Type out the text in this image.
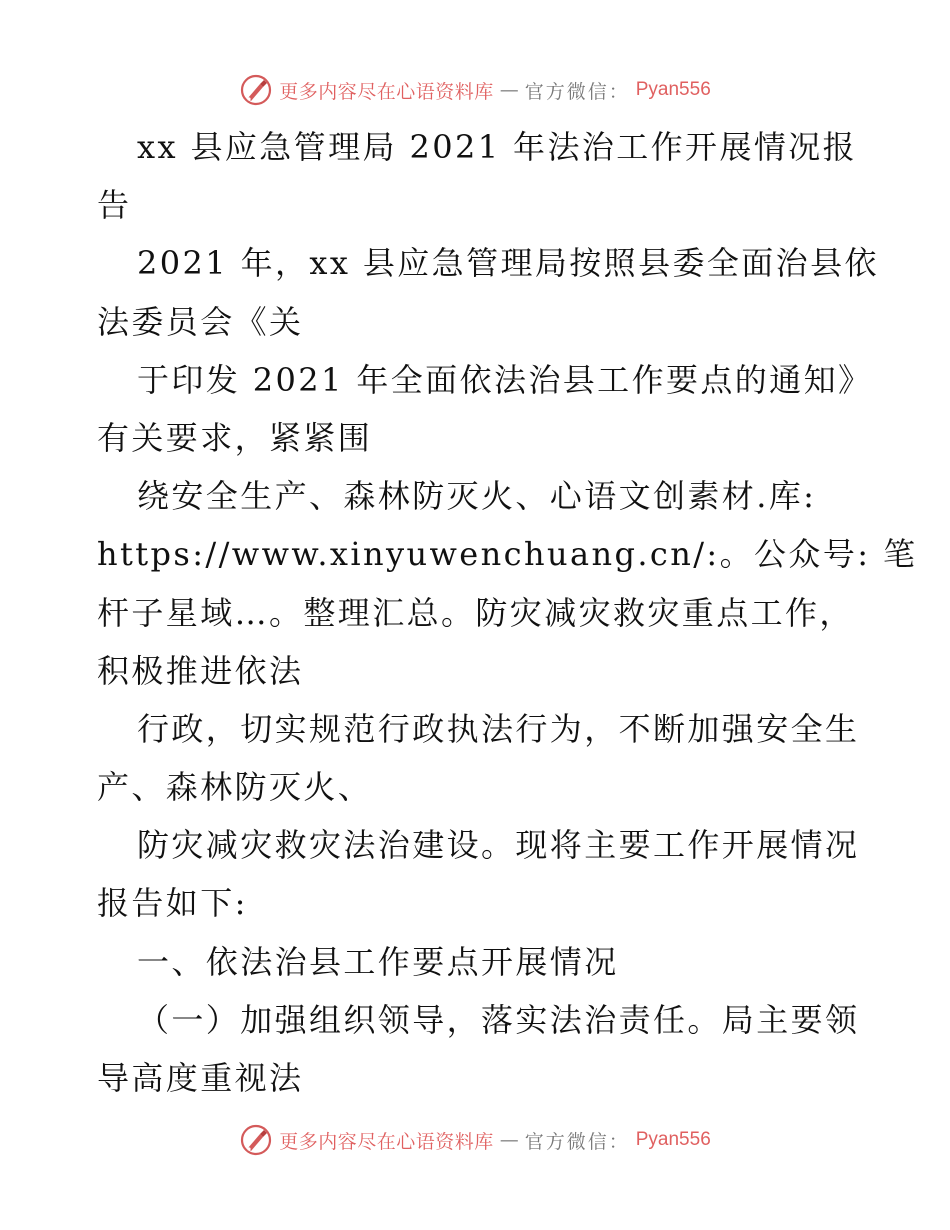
更多内容尽在心语资料库 — 官方微信： Pyan556
xx 县应急管理局 2021 年法治工作开展情况报
告
2021 年，xx 县应急管理局按照县委全面治县依
法委员会《关
于印发 2021 年全面依法治县工作要点的通知》
有关要求，紧紧围
绕安全生产、森林防灭火、心语文创素材.库:
https://www.xinyuwenchuang.cn/:。公众号: 笔
杆子星域…。整理汇总。防灾减灾救灾重点工作，
积极推进依法
行政，切实规范行政执法行为，不断加强安全生
产、森林防灭火、
防灾减灾救灾法治建设。现将主要工作开展情况
报告如下:
一、依法治县工作要点开展情况
（一）加强组织领导，落实法治责任。局主要领
导高度重视法
更多内容尽在心语资料库 — 官方微信： Pyan556
